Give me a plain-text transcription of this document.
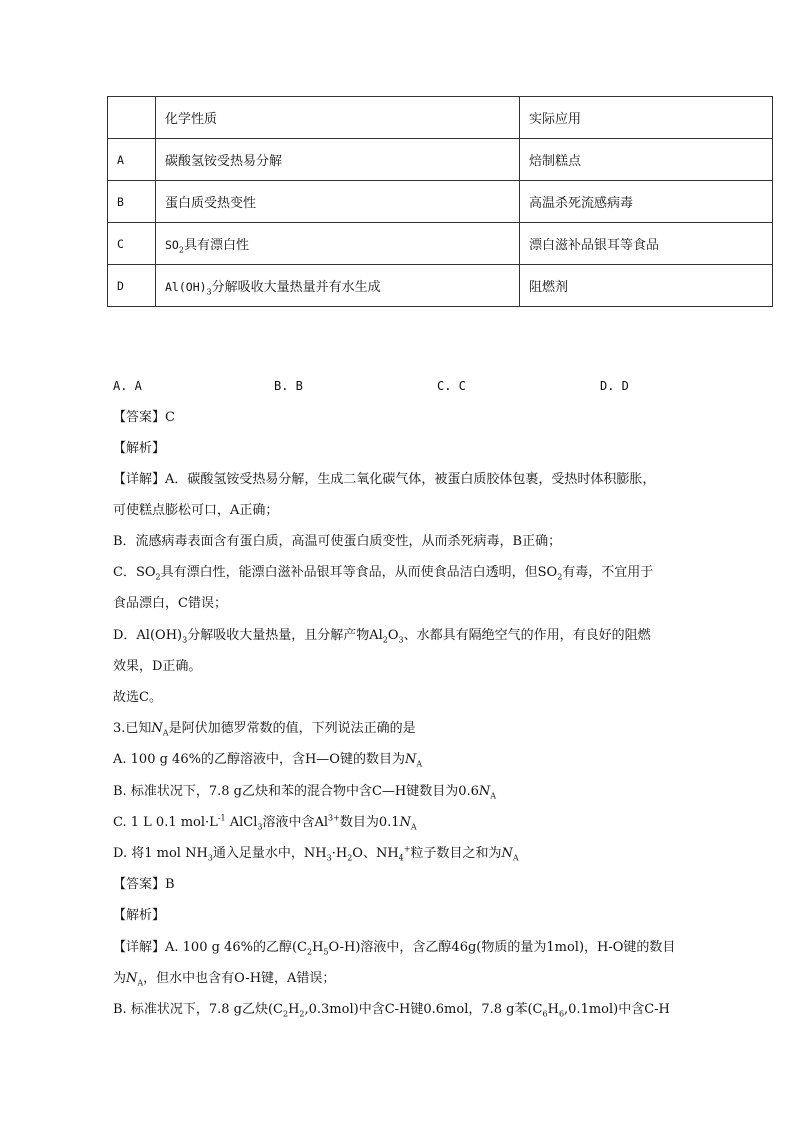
	化学性质	实际应用
A	碳酸氢铵受热易分解	焙制糕点
B	蛋白质受热变性	高温杀死流感病毒
C	$SO_2$具有漂白性	漂白滋补品银耳等食品
D	$Al(OH)_3$分解吸收大量热量并有水生成	阻燃剂
A. A	B. B	C. C	D. D
【答案】C
【解析】
【详解】A．碳酸氢铵受热易分解，生成二氧化碳气体，被蛋白质胶体包裹，受热时体积膨胀，
可使糕点膨松可口，A正确；
B．流感病毒表面含有蛋白质，高温可使蛋白质变性，从而杀死病毒，B正确；
C．$SO_2$具有漂白性，能漂白滋补品银耳等食品，从而使食品洁白透明，但$SO_2$有毒，不宜用于
食品漂白，C错误；
D．$Al(OH)_3$分解吸收大量热量，且分解产物$Al_2O_3$、水都具有隔绝空气的作用，有良好的阻燃
效果，D正确。
故选C。
3.已知$N_A$是阿伏加德罗常数的值，下列说法正确的是
A. 100 g 46%的乙醇溶液中，含H—O键的数目为$N_A$
B. 标准状况下，7.8 g乙炔和苯的混合物中含C—H键数目为$0.6N_A$
C. 1 L 0.1 $mol\cdot L^{-1}$ AlCl$_3$溶液中含$Al^{3+}$数目为$0.1N_A$
D. 将1 mol $NH_3$通入足量水中，$NH_3\cdot H_2O$、$NH_4^+$粒子数目之和为$N_A$
【答案】B
【解析】
【详解】A. 100 g 46%的乙醇$(C_2H_5O-H)$溶液中，含乙醇46g(物质的量为1mol)，H-O键的数目
为$N_A$，但水中也含有O-H键，A错误；
B. 标准状况下，7.8 g乙炔$(C_2H_2,0.3mol)$中含C-H键0.6mol，7.8 g苯$(C_6H_6,0.1mol)$中含C-H
